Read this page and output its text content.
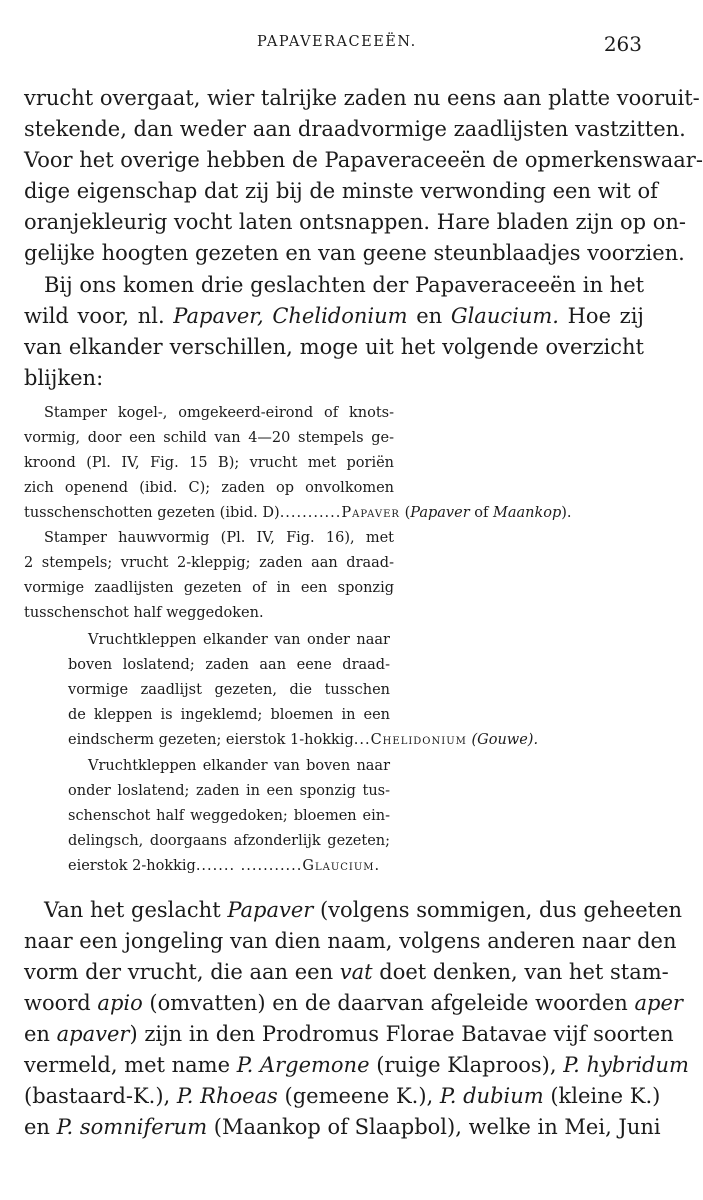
PAPAVERACEEËN.	263
vrucht overgaat, wier talrijke zaden nu eens aan platte vooruit-
stekende, dan weder aan draadvormige zaadlijsten vastzitten.
Voor het overige hebben de Papaveraceeën de opmerkenswaar-
dige eigenschap dat zij bij de minste verwonding een wit of
oranjekleurig vocht laten ontsnappen. Hare bladen zijn op on-
gelijke hoogten gezeten en van geene steunblaadjes voorzien.
Bij ons komen drie geslachten der Papaveraceeën in het
wild voor, nl. Papaver, Chelidonium en Glaucium. Hoe zij
van elkander verschillen, moge uit het volgende overzicht
blijken:
Stamper kogel-, omgekeerd-eirond of knots-
vormig, door een schild van 4—20 stempels ge-
kroond (Pl. IV, Fig. 15 B); vrucht met poriën
zich openend (ibid. C); zaden op onvolkomen
tusschenschotten gezeten (ibid. D)...........Papaver (Papaver of Maankop).
Stamper hauwvormig (Pl. IV, Fig. 16), met
2 stempels; vrucht 2-kleppig; zaden aan draad-
vormige zaadlijsten gezeten of in een sponzig
tusschenschot half weggedoken.
Vruchtkleppen elkander van onder naar
boven loslatend; zaden aan eene draad-
vormige zaadlijst gezeten, die tusschen
de kleppen is ingeklemd; bloemen in een
eindscherm gezeten; eierstok 1-hokkig...Chelidonium (Gouwe).
Vruchtkleppen elkander van boven naar
onder loslatend; zaden in een sponzig tus-
schenschot half weggedoken; bloemen ein-
delingsch, doorgaans afzonderlijk gezeten;
eierstok 2-hokkig....... ...........Glaucium.
Van het geslacht Papaver (volgens sommigen, dus geheeten
naar een jongeling van dien naam, volgens anderen naar den
vorm der vrucht, die aan een vat doet denken, van het stam-
woord apio (omvatten) en de daarvan afgeleide woorden aper
en apaver) zijn in den Prodromus Florae Batavae vijf soorten
vermeld, met name P. Argemone (ruige Klaproos), P. hybridum
(bastaard-K.), P. Rhoeas (gemeene K.), P. dubium (kleine K.)
en P. somniferum (Maankop of Slaapbol), welke in Mei, Juni
